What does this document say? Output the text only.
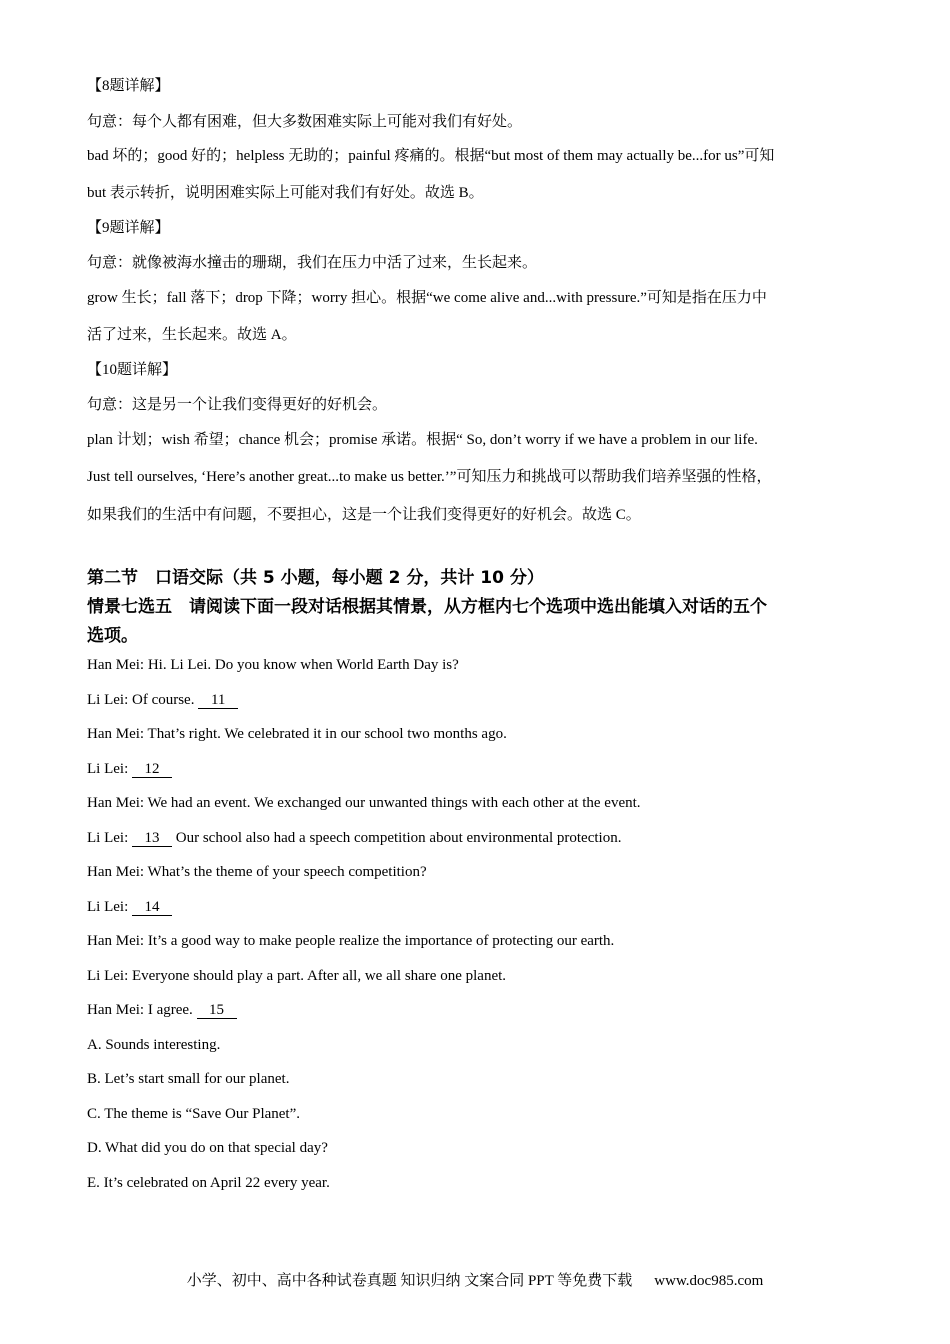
【8题详解】
句意：每个人都有困难，但大多数困难实际上可能对我们有好处。
bad 坏的；good 好的；helpless 无助的；painful 疼痛的。根据“but most of them may actually be...for us”可知
but 表示转折，说明困难实际上可能对我们有好处。故选 B。
【9题详解】
句意：就像被海水撞击的珊瑚，我们在压力中活了过来，生长起来。
grow 生长；fall 落下；drop 下降；worry 担心。根据“we come alive and...with pressure.”可知是指在压力中
活了过来，生长起来。故选 A。
【10题详解】
句意：这是另一个让我们变得更好的好机会。
plan 计划；wish 希望；chance 机会；promise 承诺。根据“ So, don’t worry if we have a problem in our life.
Just tell ourselves, ‘Here’s another great...to make us better.’”可知压力和挑战可以帮助我们培养坚强的性格，
如果我们的生活中有问题，不要担心，这是一个让我们变得更好的好机会。故选 C。
第二节　口语交际（共 5 小题，每小题 2 分，共计 10 分）
情景七选五　请阅读下面一段对话根据其情景，从方框内七个选项中选出能填入对话的五个
选项。
Han Mei: Hi. Li Lei. Do you know when World Earth Day is?
Li Lei: Of course. 11
Han Mei: That’s right. We celebrated it in our school two months ago.
Li Lei: 12
Han Mei: We had an event. We exchanged our unwanted things with each other at the event.
Li Lei: 13 Our school also had a speech competition about environmental protection.
Han Mei: What’s the theme of your speech competition?
Li Lei: 14
Han Mei: It’s a good way to make people realize the importance of protecting our earth.
Li Lei: Everyone should play a part. After all, we all share one planet.
Han Mei: I agree. 15
A. Sounds interesting.
B. Let’s start small for our planet.
C. The theme is “Save Our Planet”.
D. What did you do on that special day?
E. It’s celebrated on April 22 every year.
小学、初中、高中各种试卷真题 知识归纳 文案合同 PPT 等免费下载 www.doc985.com
